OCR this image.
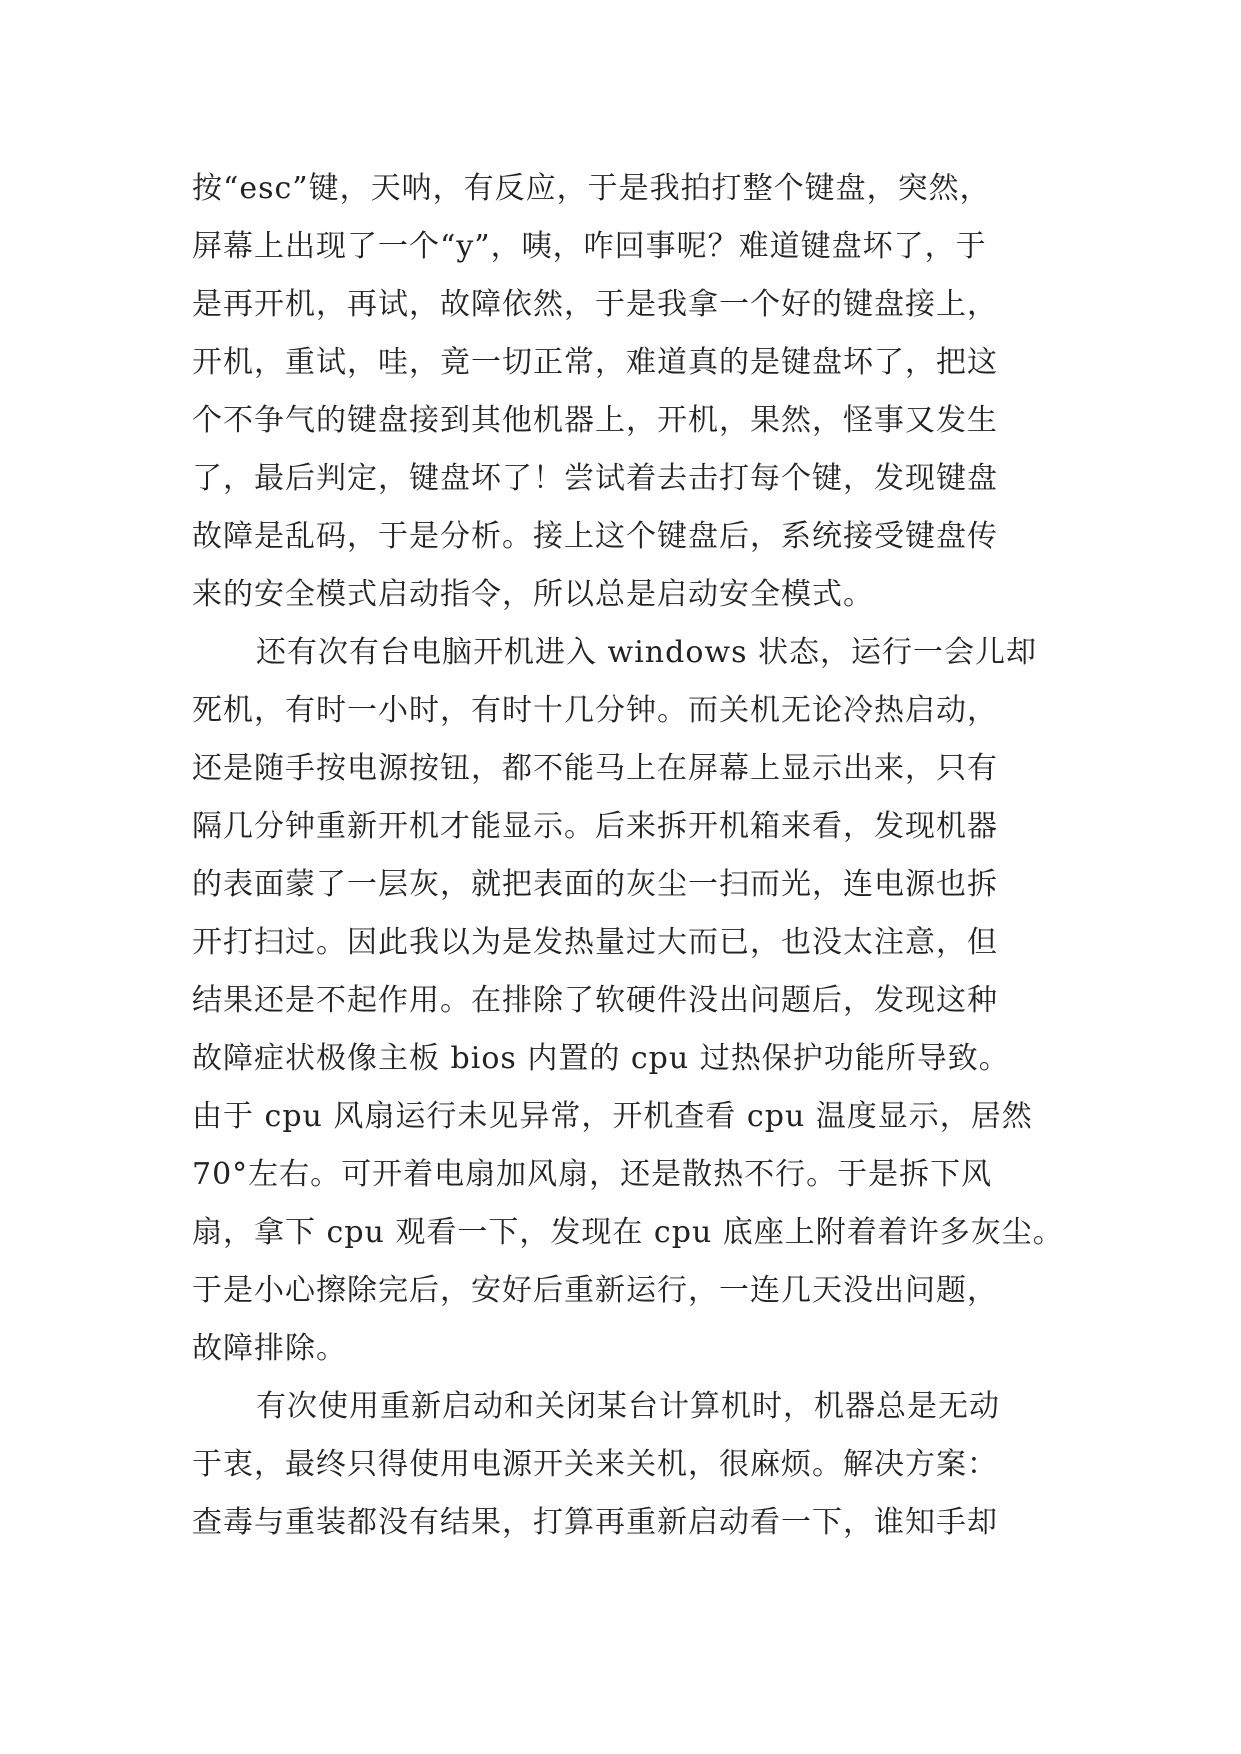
按“esc”键，天呐，有反应，于是我拍打整个键盘，突然，
屏幕上出现了一个“y”，咦，咋回事呢？难道键盘坏了，于
是再开机，再试，故障依然，于是我拿一个好的键盘接上，
开机，重试，哇，竟一切正常，难道真的是键盘坏了，把这
个不争气的键盘接到其他机器上，开机，果然，怪事又发生
了，最后判定，键盘坏了！尝试着去击打每个键，发现键盘
故障是乱码，于是分析。接上这个键盘后，系统接受键盘传
来的安全模式启动指令，所以总是启动安全模式。
还有次有台电脑开机进入 windows 状态，运行一会儿却
死机，有时一小时，有时十几分钟。而关机无论冷热启动，
还是随手按电源按钮，都不能马上在屏幕上显示出来，只有
隔几分钟重新开机才能显示。后来拆开机箱来看，发现机器
的表面蒙了一层灰，就把表面的灰尘一扫而光，连电源也拆
开打扫过。因此我以为是发热量过大而已，也没太注意，但
结果还是不起作用。在排除了软硬件没出问题后，发现这种
故障症状极像主板 bios 内置的 cpu 过热保护功能所导致。
由于 cpu 风扇运行未见异常，开机查看 cpu 温度显示，居然
70°左右。可开着电扇加风扇，还是散热不行。于是拆下风
扇，拿下 cpu 观看一下，发现在 cpu 底座上附着着许多灰尘。
于是小心擦除完后，安好后重新运行，一连几天没出问题，
故障排除。
有次使用重新启动和关闭某台计算机时，机器总是无动
于衷，最终只得使用电源开关来关机，很麻烦。解决方案：
查毒与重装都没有结果，打算再重新启动看一下，谁知手却
